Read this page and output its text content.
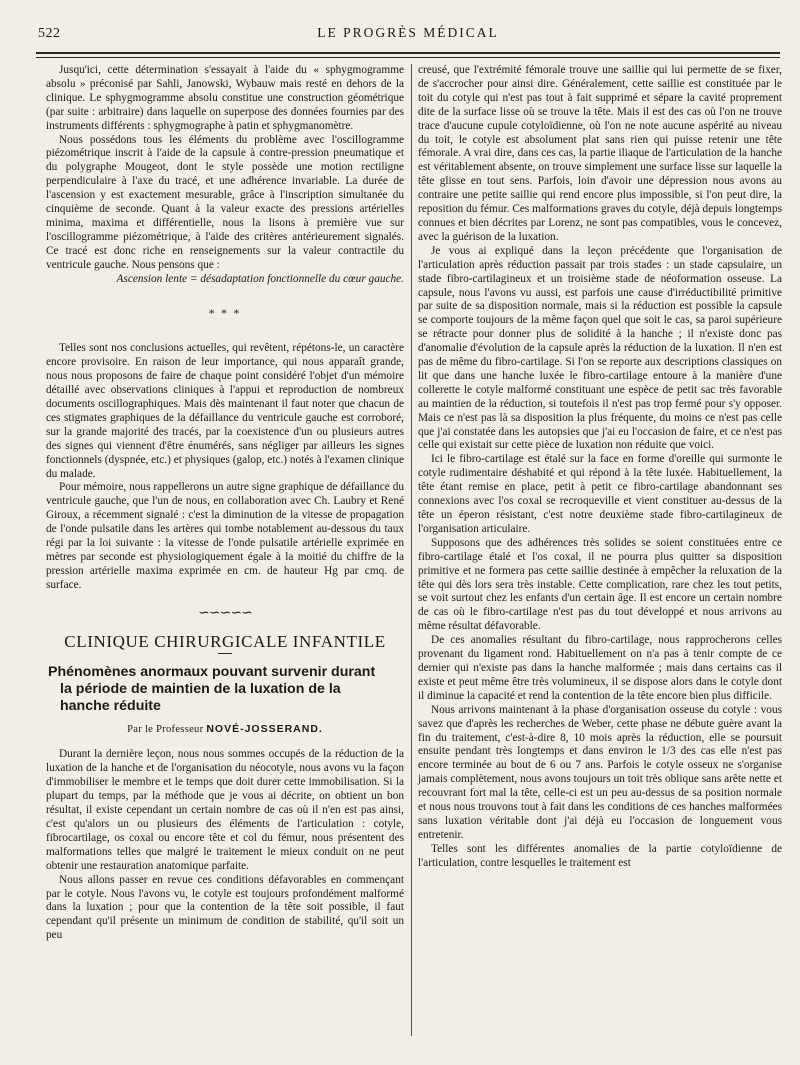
522	LE PROGRÈS MÉDICAL

Jusqu'ici, cette détermination s'essayait à l'aide du « sphygmogramme absolu » préconisé par Sahli, Janowski, Wybauw mais resté en dehors de la clinique. Le sphygmogramme absolu constitue une construction géométrique (par suite : arbitraire) dans laquelle on superpose des données fournies par des instruments différents : sphygmographe à patin et sphygmanomètre.

Nous possédons tous les éléments du problème avec l'oscillogramme piézométrique inscrit à l'aide de la capsule à contre-pression pneumatique et du polygraphe Mougeot, dont le style possède une motion rectiligne perpendiculaire à l'axe du tracé, et une adhérence invariable. La durée de l'ascension y est exactement mesurable, grâce à l'inscription simultanée du cinquième de seconde. Quant à la valeur exacte des pressions artérielles minima, maxima et différentielle, nous la lisons à première vue sur l'oscillogramme piézométrique, à l'aide des critères antérieurement signalés. Ce tracé est donc riche en renseignements sur la valeur contractile du ventricule gauche. Nous pensons que :

Ascension lente = désadaptation fonctionnelle du cœur gauche.

* * *

Telles sont nos conclusions actuelles, qui revêtent, répétons-le, un caractère encore provisoire. En raison de leur importance, qui nous apparaît grande, nous nous proposons de faire de chaque point considéré l'objet d'un mémoire détaillé avec observations cliniques à l'appui et reproduction de nombreux documents oscillographiques. Mais dès maintenant il faut noter que chacun de ces stigmates graphiques de la défaillance du ventricule gauche est corroboré, sur la grande majorité des tracés, par la coexistence d'un ou plusieurs autres des signes qui viennent d'être énumérés, sans négliger par ailleurs les signes fonctionnels (dyspnée, etc.) et physiques (galop, etc.) notés à l'examen clinique du malade.

Pour mémoire, nous rappellerons un autre signe graphique de défaillance du ventricule gauche, que l'un de nous, en collaboration avec Ch. Laubry et René Giroux, a récemment signalé : c'est la diminution de la vitesse de propagation de l'onde pulsatile dans les artères qui tombe notablement au-dessous du taux régi par la loi suivante : la vitesse de l'onde pulsatile artérielle exprimée en mètres par seconde est physiologiquement égale à la moitié du chiffre de la pression artérielle maxima exprimée en cm. de hauteur Hg par cmq. de surface.

∽∽∽∽∽
CLINIQUE CHIRURGICALE INFANTILE
Phénomènes anormaux pouvant survenir durant
la période de maintien de la luxation de la
hanche réduite
Par le Professeur NOVÉ-JOSSERAND.

Durant la dernière leçon, nous nous sommes occupés de la réduction de la luxation de la hanche et de l'organisation du néocotyle, nous avons vu la façon d'immobiliser le membre et le temps que doit durer cette immobilisation. Si la plupart du temps, par la méthode que je vous ai décrite, on obtient un bon résultat, il existe cependant un certain nombre de cas où il n'en est pas ainsi, c'est qu'alors un ou plusieurs des éléments de l'articulation : cotyle, fibrocartilage, os coxal ou encore tête et col du fémur, nous présentent des malformations telles que malgré le traitement le mieux conduit on ne peut obtenir une restauration anatomique parfaite.

Nous allons passer en revue ces conditions défavorables en commençant par le cotyle. Nous l'avons vu, le cotyle est toujours profondément malformé dans la luxation ; pour que la contention de la tête soit possible, il faut cependant qu'il présente un minimum de condition de stabilité, qu'il soit un peu

creusé, que l'extrémité fémorale trouve une saillie qui lui permette de se fixer, de s'accrocher pour ainsi dire. Généralement, cette saillie est constituée par le toit du cotyle qui n'est pas tout à fait supprimé et sépare la cavité proprement dite de la surface lisse où se trouve la tête. Mais il est des cas où l'on ne trouve trace d'aucune cupule cotyloïdienne, où l'on ne note aucune aspérité au niveau du toit, le cotyle est absolument plat sans rien qui puisse retenir une tête fémorale. A vrai dire, dans ces cas, la partie iliaque de l'articulation de la hanche est véritablement absente, on trouve simplement une surface lisse sur laquelle la tête glisse en tout sens. Parfois, loin d'avoir une dépression nous avons au contraire une petite saillie qui rend encore plus impossible, si l'on peut dire, la reposition du fémur. Ces malformations graves du cotyle, déjà depuis longtemps connues et bien décrites par Lorenz, ne sont pas compatibles, vous le concevez, avec la guérison de la luxation.

Je vous ai expliqué dans la leçon précédente que l'organisation de l'articulation après réduction passait par trois stades : un stade capsulaire, un stade fibro-cartilagineux et un troisième stade de néoformation osseuse. La capsule, nous l'avons vu aussi, est parfois une cause d'irréductibilité primitive par suite de sa disposition normale, mais si la réduction est possible la capsule se comporte toujours de la même façon quel que soit le cas, sa paroi supérieure se rétracte pour donner plus de solidité à la hanche ; il n'existe donc pas d'anomalie d'évolution de la capsule après la réduction de la luxation. Il n'en est pas de même du fibro-cartilage. Si l'on se reporte aux descriptions classiques on lit que dans une hanche luxée le fibro-cartilage entoure à la manière d'une collerette le cotyle malformé constituant une espèce de petit sac très favorable au maintien de la réduction, si toutefois il n'est pas trop fermé pour s'y opposer. Mais ce n'est pas là sa disposition la plus fréquente, du moins ce n'est pas celle que j'ai constatée dans les autopsies que j'ai eu l'occasion de faire, et ce n'est pas celle qui existait sur cette pièce de luxation non réduite que voici.

Ici le fibro-cartilage est étalé sur la face en forme d'oreille qui surmonte le cotyle rudimentaire déshabité et qui répond à la tête luxée. Habituellement, la tête étant remise en place, petit à petit ce fibro-cartilage abandonnant ses connexions avec l'os coxal se recroqueville et vient constituer au-dessus de la tête un éperon résistant, c'est notre deuxième stade fibro-cartilagineux de l'organisation articulaire.

Supposons que des adhérences très solides se soient constituées entre ce fibro-cartilage étalé et l'os coxal, il ne pourra plus quitter sa disposition primitive et ne formera pas cette saillie destinée à empêcher la reluxation de la tête qui dès lors sera très instable. Cette complication, rare chez les tout petits, se voit surtout chez les enfants d'un certain âge. Il est encore un certain nombre de cas où le fibro-cartilage n'est pas du tout développé et nous arrivons au même résultat défavorable.

De ces anomalies résultant du fibro-cartilage, nous rapprocherons celles provenant du ligament rond. Habituellement on n'a pas à tenir compte de ce dernier qui n'existe pas dans la hanche malformée ; mais dans certains cas il existe et peut même être très volumineux, il se dispose alors dans le cotyle dont il diminue la capacité et rend la contention de la tête encore bien plus difficile.

Nous arrivons maintenant à la phase d'organisation osseuse du cotyle : vous savez que d'après les recherches de Weber, cette phase ne débute guère avant la fin du traitement, c'est-à-dire 8, 10 mois après la réduction, elle se poursuit ensuite pendant très longtemps et dans environ le 1/3 des cas elle n'est pas encore terminée au bout de 6 ou 7 ans. Parfois le cotyle osseux ne s'organise jamais complètement, nous avons toujours un toit très oblique sans arête nette et recouvrant fort mal la tête, celle-ci est un peu au-dessus de sa position normale et nous nous trouvons tout à fait dans les conditions de ces hanches malformées sans luxation véritable dont j'ai déjà eu l'occasion de longuement vous entretenir.

Telles sont les différentes anomalies de la partie cotyloïdienne de l'articulation, contre lesquelles le traitement est
